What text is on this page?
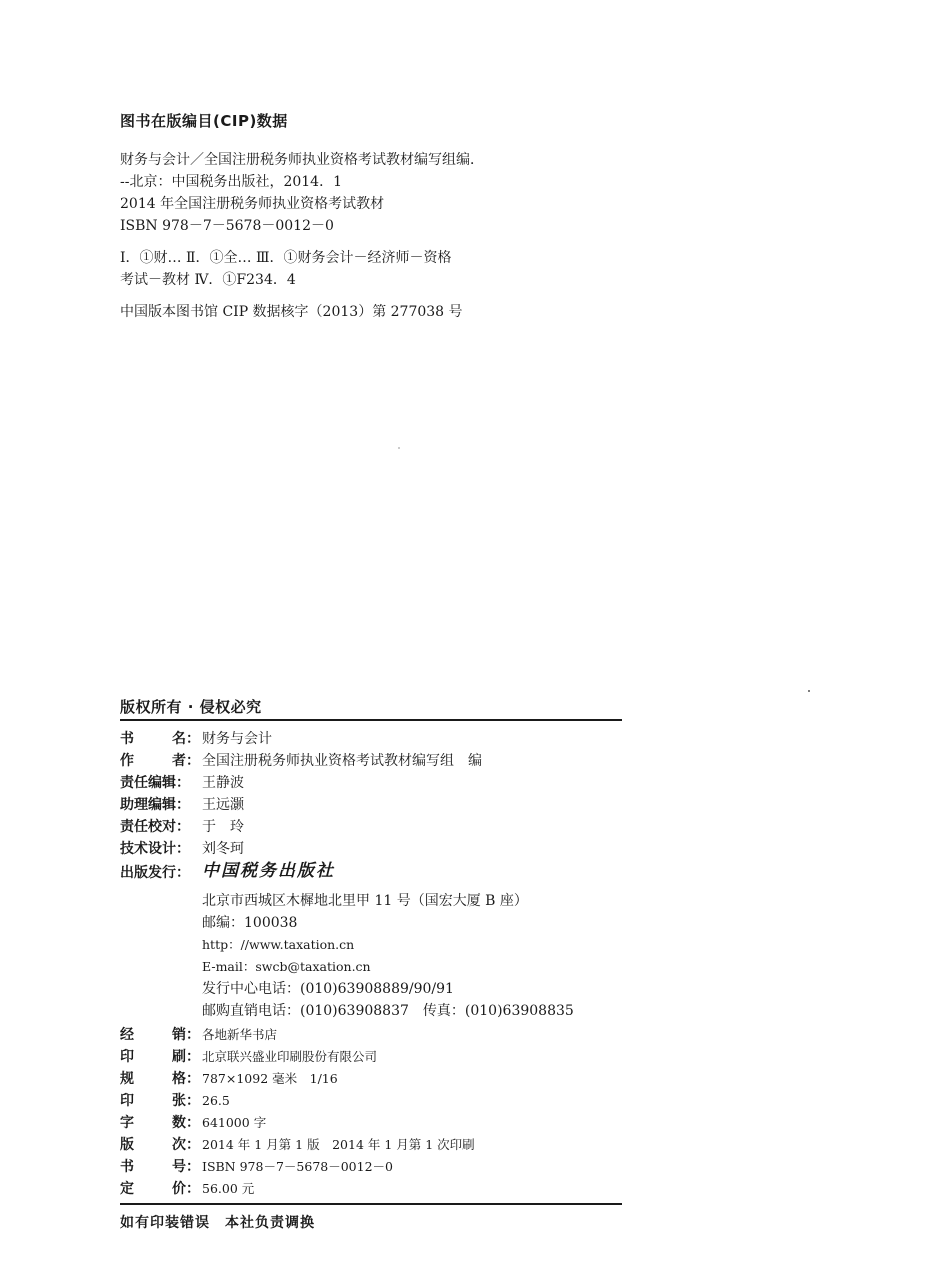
图书在版编目(CIP)数据
财务与会计／全国注册税务师执业资格考试教材编写组编．
--北京：中国税务出版社，2014．1
2014 年全国注册税务师执业资格考试教材
ISBN 978－7－5678－0012－0
Ⅰ．①财… Ⅱ．①全… Ⅲ．①财务会计－经济师－资格
考试－教材 Ⅳ．①F234．4
中国版本图书馆 CIP 数据核字（2013）第 277038 号
版权所有 · 侵权必究
书	名： 财务与会计
作	者： 全国注册税务师执业资格考试教材编写组　编
责任编辑： 王静波
助理编辑： 王远灏
责任校对： 于　玲
技术设计： 刘冬珂
出版发行： 中国税务出版社
北京市西城区木樨地北里甲 11 号（国宏大厦 B 座）
邮编：100038
http：//www.taxation.cn
E-mail：swcb@taxation.cn
发行中心电话：(010)63908889/90/91
邮购直销电话：(010)63908837　传真：(010)63908835
经	销： 各地新华书店
印	刷： 北京联兴盛业印刷股份有限公司
规	格： 787×1092 毫米　1/16
印	张： 26.5
字	数： 641000 字
版	次： 2014 年 1 月第 1 版　2014 年 1 月第 1 次印刷
书	号： ISBN 978－7－5678－0012－0
定	价： 56.00 元
如有印装错误　本社负责调换
